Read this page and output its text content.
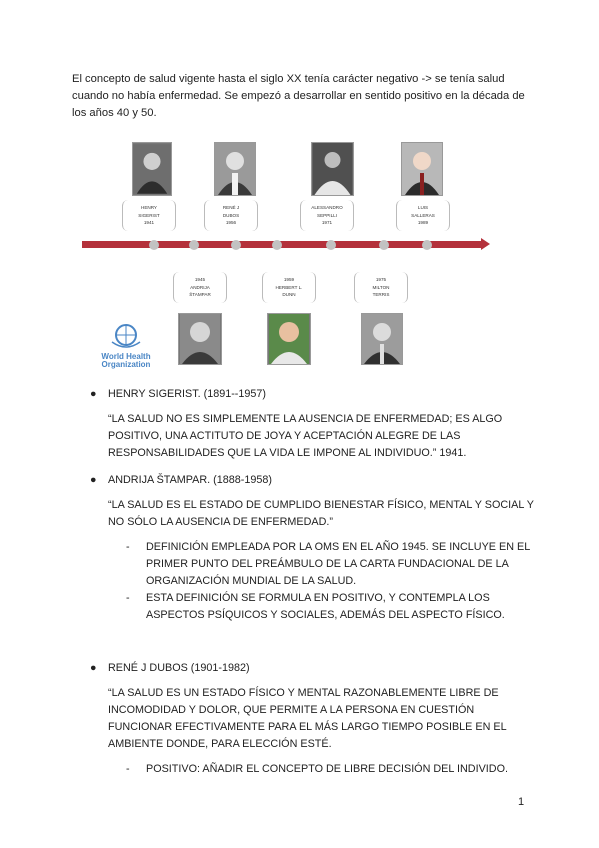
El concepto de salud vigente hasta el siglo XX tenía carácter negativo -> se tenía salud cuando no había enfermedad. Se empezó a desarrollar en sentido positivo en la década de los años 40 y 50.
HENRY
SIGERIST
1941
RENÉ J
DUBOS
1956
ALESSANDRO
SEPPILLI
1971
LUIS
SALLERAS
1989
1945
ANDRIJA
ŠTAMPAR
1959
HERBERT L.
DUNN
1975
MILTON
TERRIS
World Health Organization
●	HENRY SIGERIST. (1891--1957)
“LA SALUD NO ES SIMPLEMENTE LA AUSENCIA DE ENFERMEDAD; ES ALGO POSITIVO, UNA ACTITUTO DE JOYA Y ACEPTACIÓN ALEGRE DE LAS RESPONSABILIDADES QUE LA VIDA LE IMPONE AL INDIVIDUO.” 1941.
●	ANDRIJA ŠTAMPAR. (1888-1958)
“LA SALUD ES EL ESTADO DE CUMPLIDO BIENESTAR FÍSICO, MENTAL Y SOCIAL Y NO SÓLO LA AUSENCIA DE ENFERMEDAD.”
- DEFINICIÓN EMPLEADA POR LA OMS EN EL AÑO 1945. SE INCLUYE EN EL PRIMER PUNTO DEL PREÁMBULO DE LA CARTA FUNDACIONAL DE LA ORGANIZACIÓN MUNDIAL DE LA SALUD.
- ESTA DEFINICIÓN SE FORMULA EN POSITIVO, Y CONTEMPLA LOS ASPECTOS PSÍQUICOS Y SOCIALES, ADEMÁS DEL ASPECTO FÍSICO.
●	RENÉ J DUBOS (1901-1982)
“LA SALUD ES UN ESTADO FÍSICO Y MENTAL RAZONABLEMENTE LIBRE DE INCOMODIDAD Y DOLOR, QUE PERMITE A LA PERSONA EN CUESTIÓN FUNCIONAR EFECTIVAMENTE PARA EL MÁS LARGO TIEMPO POSIBLE EN EL AMBIENTE DONDE, PARA ELECCIÓN ESTÉ.
- POSITIVO: AÑADIR EL CONCEPTO DE LIBRE DECISIÓN DEL INDIVIDO.
1
